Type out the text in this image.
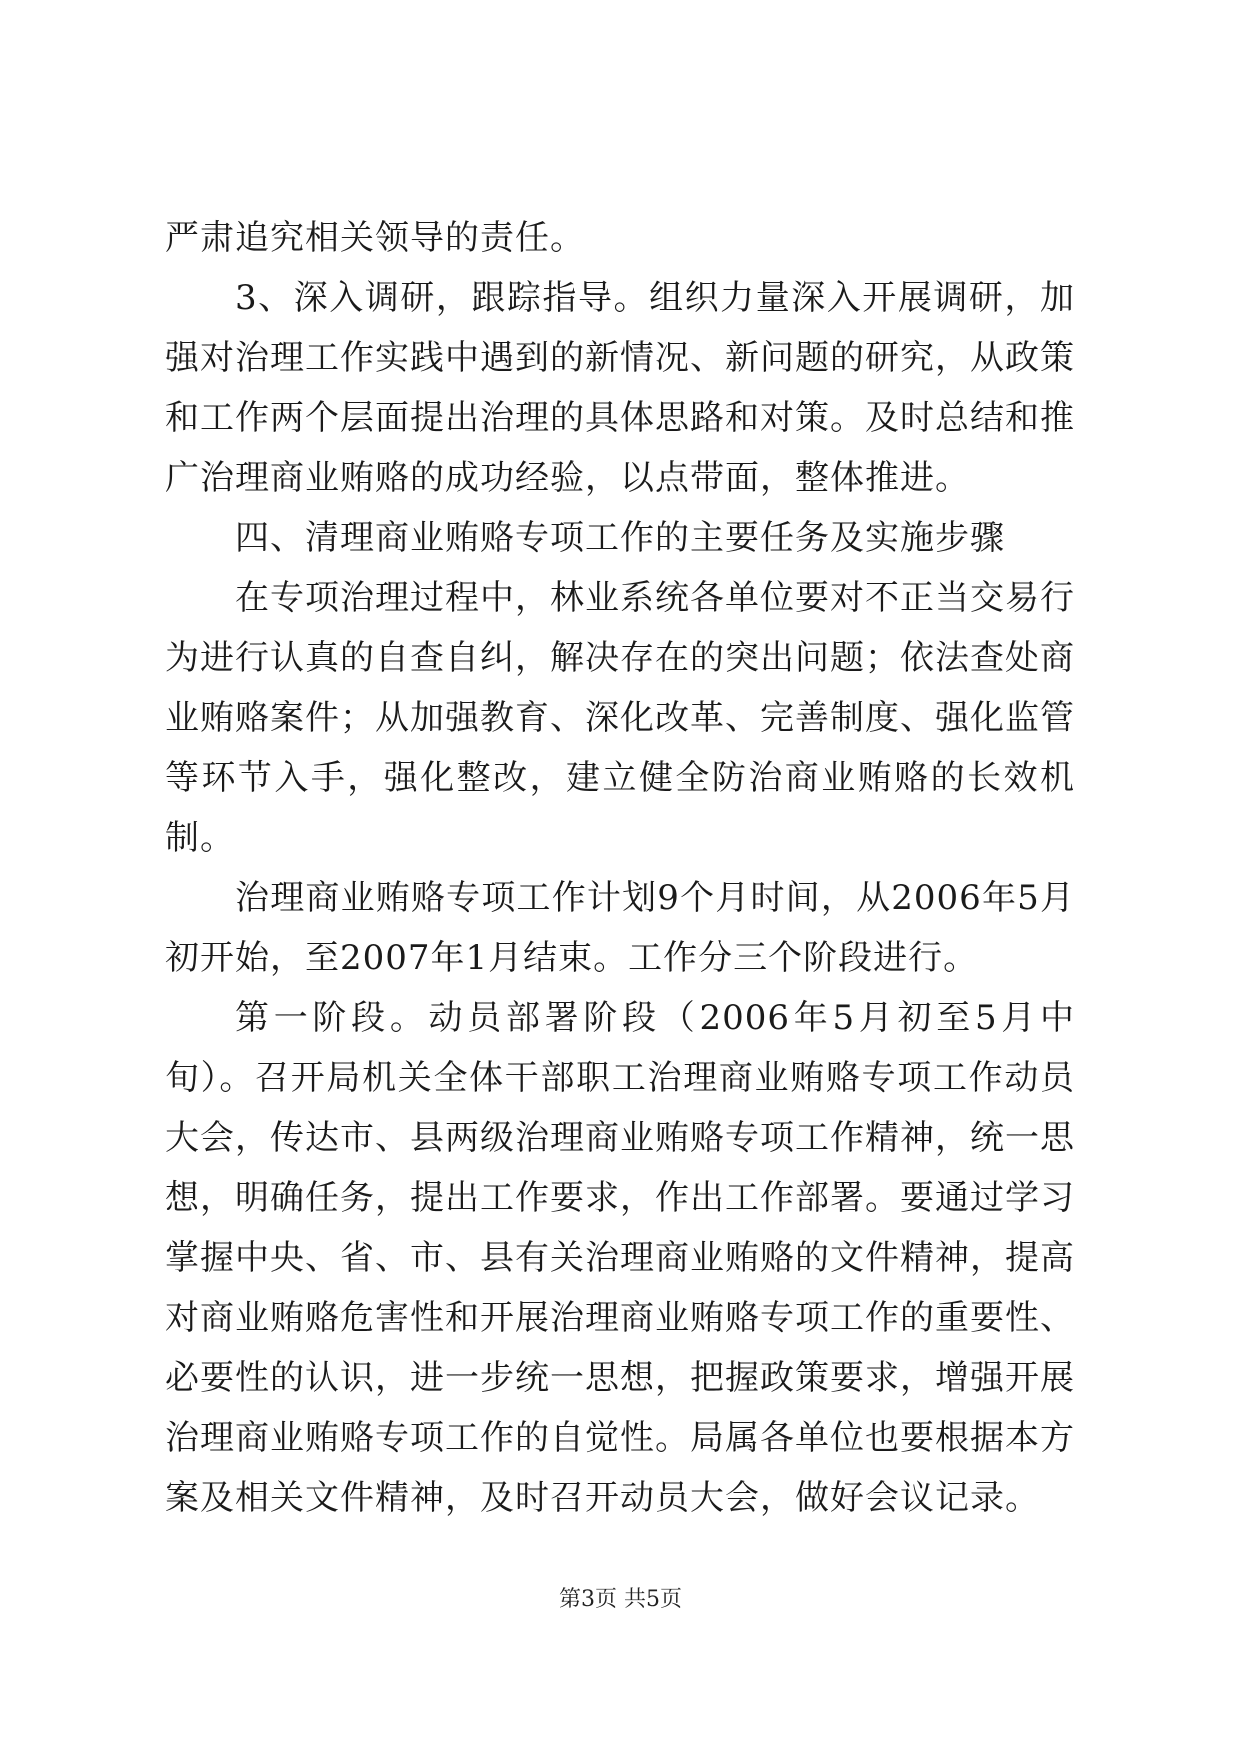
严肃追究相关领导的责任。

3、深入调研，跟踪指导。组织力量深入开展调研，加强对治理工作实践中遇到的新情况、新问题的研究，从政策和工作两个层面提出治理的具体思路和对策。及时总结和推广治理商业贿赂的成功经验，以点带面，整体推进。

四、清理商业贿赂专项工作的主要任务及实施步骤

在专项治理过程中，林业系统各单位要对不正当交易行为进行认真的自查自纠，解决存在的突出问题；依法查处商业贿赂案件；从加强教育、深化改革、完善制度、强化监管等环节入手，强化整改，建立健全防治商业贿赂的长效机制。

治理商业贿赂专项工作计划9个月时间，从2006年5月初开始，至2007年1月结束。工作分三个阶段进行。

第一阶段。动员部署阶段（2006年5月初至5月中旬）。召开局机关全体干部职工治理商业贿赂专项工作动员大会，传达市、县两级治理商业贿赂专项工作精神，统一思想，明确任务，提出工作要求，作出工作部署。要通过学习掌握中央、省、市、县有关治理商业贿赂的文件精神，提高对商业贿赂危害性和开展治理商业贿赂专项工作的重要性、必要性的认识，进一步统一思想，把握政策要求，增强开展治理商业贿赂专项工作的自觉性。局属各单位也要根据本方案及相关文件精神，及时召开动员大会，做好会议记录。

第3页 共5页
